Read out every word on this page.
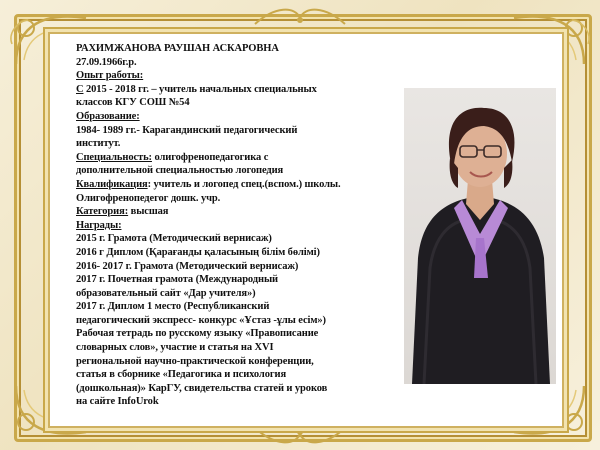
РАХИМЖАНОВА РАУШАН АСКАРОВНА
27.09.1966г.р.
Опыт работы:
С 2015 - 2018 гг. – учитель начальных специальных
классов КГУ СОШ №54
Образование:
1984- 1989 гг.- Карагандинский педагогический
институт.
Специальность: олигофренопедагогика с
дополнительной специальностью логопедия
Квалификация: учитель и логопед спец.(вспом.) школы.
Олигофренопедегог дошк. учр.
Категория: высшая
Награды:
2015 г. Грамота (Методический вернисаж)
2016 г Диплом (Қарағанды қаласының білім бөлімі)
2016- 2017 г. Грамота (Методический вернисаж)
2017 г. Почетная грамота (Международный
образовательный сайт «Дар учителя»)
2017 г. Диплом 1 место (Республиканский
педагогический экспресс- конкурс «Ұстаз -ұлы есім»)
Рабочая тетрадь по русскому языку «Правописание
словарных слов», участие и статья на XVI
региональной научно-практической конференции,
статья в сборнике «Педагогика и психология
(дошкольная)» КарГУ, свидетельства статей и уроков
на сайте InfoUrok
